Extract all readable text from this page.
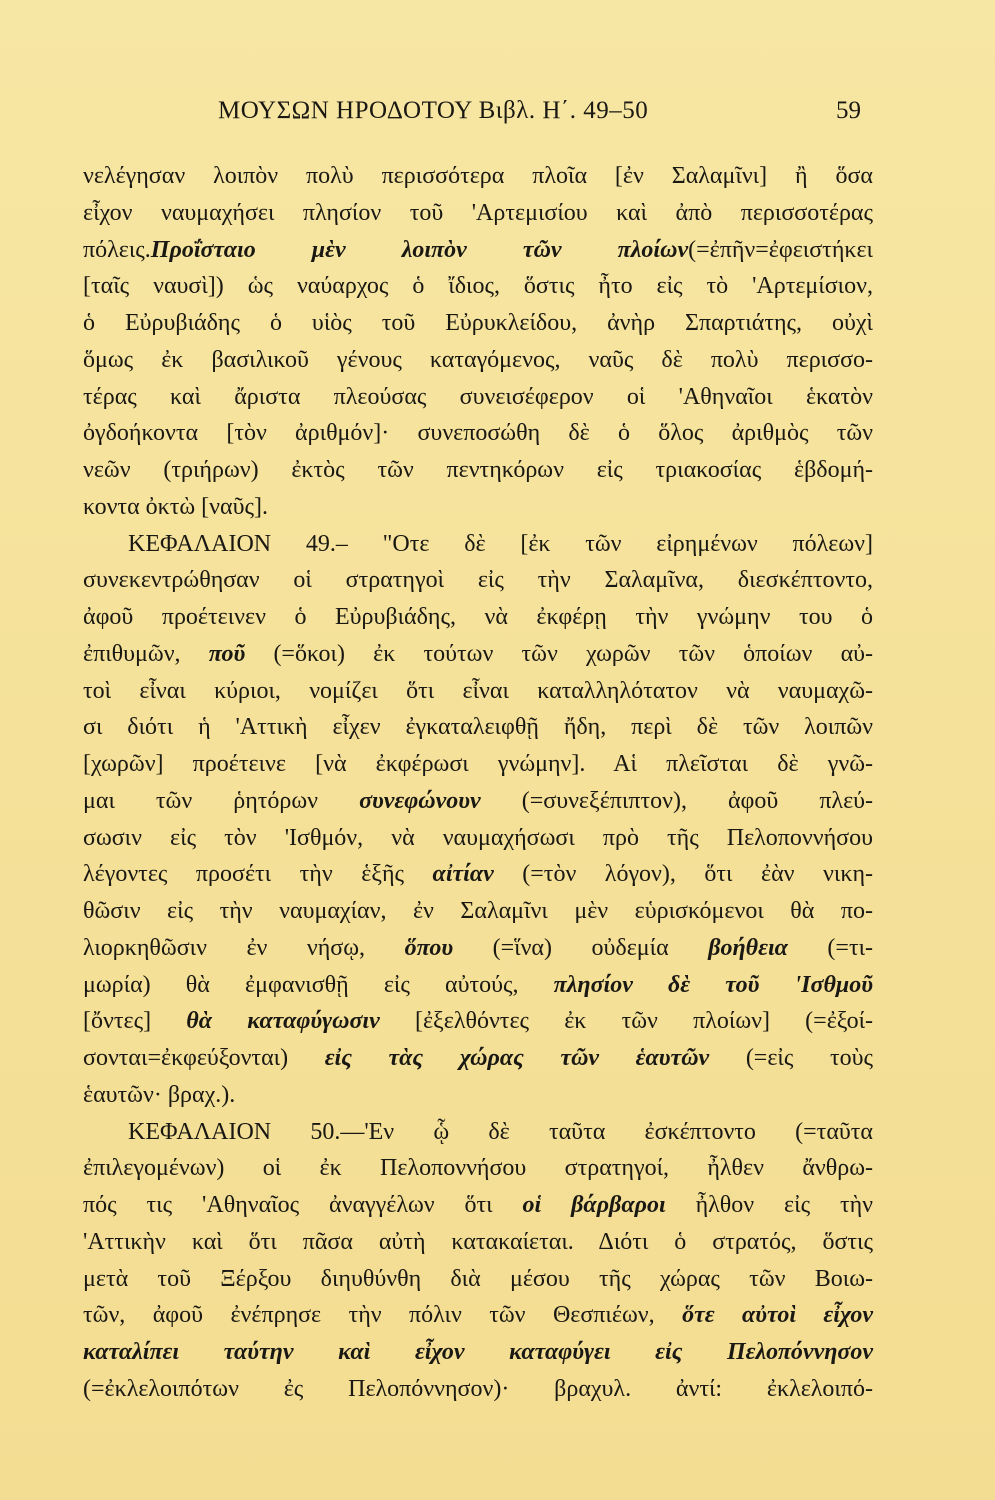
ΜΟΥΣΩΝ ΗΡΟΔΟΤΟΥ Βιβλ. Η΄. 49–50	59
νελέγησαν λοιπὸν πολὺ περισσότερα πλοῖα [ἐν Σαλαμῖνι] ἢ ὅσα
εἶχον ναυμαχήσει πλησίον τοῦ 'Αρτεμισίου καὶ ἀπὸ περισσοτέρας
πόλεις.Προΐσταιο μὲν λοιπὸν τῶν πλοίων(=ἐπῆν=ἐφειστήκει
[ταῖς ναυσὶ]) ὡς ναύαρχος ὁ ἴδιος, ὅστις ἦτο εἰς τὸ 'Αρτεμίσιον,
ὁ Εὐρυβιάδης ὁ υἱὸς τοῦ Εὐρυκλείδου, ἀνὴρ Σπαρτιάτης, οὐχὶ
ὅμως ἐκ βασιλικοῦ γένους καταγόμενος, ναῦς δὲ πολὺ περισσο-
τέρας καὶ ἄριστα πλεούσας συνεισέφερον οἱ 'Αθηναῖοι ἑκατὸν
ὀγδοήκοντα [τὸν ἀριθμόν]· συνεποσώθη δὲ ὁ ὅλος ἀριθμὸς τῶν
νεῶν (τριήρων) ἐκτὸς τῶν πεντηκόρων εἰς τριακοσίας ἑβδομή-
κοντα ὀκτὼ [ναῦς].
ΚΕΦΑΛΑΙΟΝ 49.– "Οτε δὲ [ἐκ τῶν εἰρημένων πόλεων]
συνεκεντρώθησαν οἱ στρατηγοὶ εἰς τὴν Σαλαμῖνα, διεσκέπτοντο,
ἀφοῦ προέτεινεν ὁ Εὐρυβιάδης, νὰ ἐκφέρῃ τὴν γνώμην του ὁ
ἐπιθυμῶν, ποῦ (=ὅκοι) ἐκ τούτων τῶν χωρῶν τῶν ὁποίων αὐ-
τοὶ εἶναι κύριοι, νομίζει ὅτι εἶναι καταλληλότατον νὰ ναυμαχῶ-
σι διότι ἡ 'Αττικὴ εἶχεν ἐγκαταλειφθῇ ἤδη, περὶ δὲ τῶν λοιπῶν
[χωρῶν] προέτεινε [νὰ ἐκφέρωσι γνώμην]. Αἱ πλεῖσται δὲ γνῶ-
μαι τῶν ῥητόρων συνεφώνουν (=συνεξέπιπτον), ἀφοῦ πλεύ-
σωσιν εἰς τὸν 'Ισθμόν, νὰ ναυμαχήσωσι πρὸ τῆς Πελοποννήσου
λέγοντες προσέτι τὴν ἑξῆς αἰτίαν (=τὸν λόγον), ὅτι ἐὰν νικη-
θῶσιν εἰς τὴν ναυμαχίαν, ἐν Σαλαμῖνι μὲν εὑρισκόμενοι θὰ πο-
λιορκηθῶσιν ἐν νήσῳ, ὅπου (=ἵνα) οὐδεμία βοήθεια (=τι-
μωρία) θὰ ἐμφανισθῇ εἰς αὐτούς, πλησίον δὲ τοῦ 'Ισθμοῦ
[ὄντες] θὰ καταφύγωσιν [ἐξελθόντες ἐκ τῶν πλοίων] (=ἐξοί-
σονται=ἐκφεύξονται) εἰς τὰς χώρας τῶν ἑαυτῶν (=εἰς τοὺς
ἑαυτῶν· βραχ.).
ΚΕΦΑΛΑΙΟΝ 50.—'Εν ᾧ δὲ ταῦτα ἐσκέπτοντο (=ταῦτα
ἐπιλεγομένων) οἱ ἐκ Πελοποννήσου στρατηγοί, ἦλθεν ἄνθρω-
πός τις 'Αθηναῖος ἀναγγέλων ὅτι οἱ βάρβαροι ἦλθον εἰς τὴν
'Αττικὴν καὶ ὅτι πᾶσα αὐτὴ κατακαίεται. Διότι ὁ στρατός, ὅστις
μετὰ τοῦ Ξέρξου διηυθύνθη διὰ μέσου τῆς χώρας τῶν Βοιω-
τῶν, ἀφοῦ ἐνέπρησε τὴν πόλιν τῶν Θεσπιέων, ὅτε αὐτοὶ εἶχον
καταλίπει ταύτην καὶ εἶχον καταφύγει εἰς Πελοπόννησον
(=ἐκλελοιπότων ἐς Πελοπόννησον)· βραχυλ. ἀντί: ἐκλελοιπό-
